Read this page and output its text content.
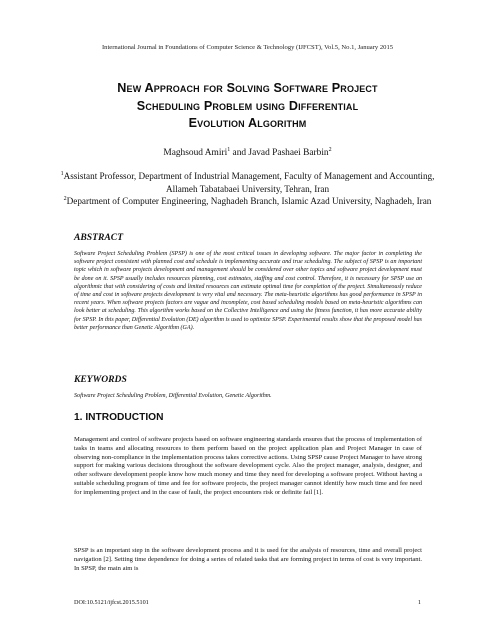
International Journal in Foundations of Computer Science & Technology (IJFCST), Vol.5, No.1, January 2015
New Approach for Solving Software Project
Scheduling Problem using Differential
Evolution Algorithm
Maghsoud Amiri$^1$ and Javad Pashaei Barbin$^2$
$^1$Assistant Professor, Department of Industrial Management, Faculty of Management and Accounting, Allameh Tabatabaei University, Tehran, Iran
$^2$Department of Computer Engineering, Naghadeh Branch, Islamic Azad University, Naghadeh, Iran
ABSTRACT
Software Project Scheduling Problem (SPSP) is one of the most critical issues in developing software. The major factor in completing the software project consistent with planned cost and schedule is implementing accurate and true scheduling. The subject of SPSP is an important topic which in software projects development and management should be considered over other topics and software project development must be done on it. SPSP usually includes resources planning, cost estimates, staffing and cost control. Therefore, it is necessary for SPSP use an algorithmic that with considering of costs and limited resources can estimate optimal time for completion of the project. Simultaneously reduce of time and cost in software projects development is very vital and necessary. The meta-heuristic algorithms has good performance in SPSP in recent years. When software projects factors are vague and incomplete, cost based scheduling models based on meta-heuristic algorithms can look better at scheduling. This algorithm works based on the Collective Intelligence and using the fitness function, it has more accurate ability for SPSP. In this paper, Differential Evolution (DE) algorithm is used to optimize SPSP. Experimental results show that the proposed model has better performance than Genetic Algorithm (GA).
KEYWORDS
Software Project Scheduling Problem, Differential Evolution, Genetic Algorithm.
1. INTRODUCTION
Management and control of software projects based on software engineering standards ensures that the process of implementation of tasks in teams and allocating resources to them perform based on the project application plan and Project Manager in case of observing non-compliance in the implementation process takes corrective actions. Using SPSP cause Project Manager to have strong support for making various decisions throughout the software development cycle. Also the project manager, analysis, designer, and other software development people know how much money and time they need for developing a software project. Without having a suitable scheduling program of time and fee for software projects, the project manager cannot identify how much time and fee need for implementing project and in the case of fault, the project encounters risk or definite fail [1].
SPSP is an important step in the software development process and it is used for the analysis of resources, time and overall project navigation [2]. Setting time dependence for doing a series of related tasks that are forming project in terms of cost is very important. In SPSP, the main aim is
DOI:10.5121/ijfcst.2015.5101	1
